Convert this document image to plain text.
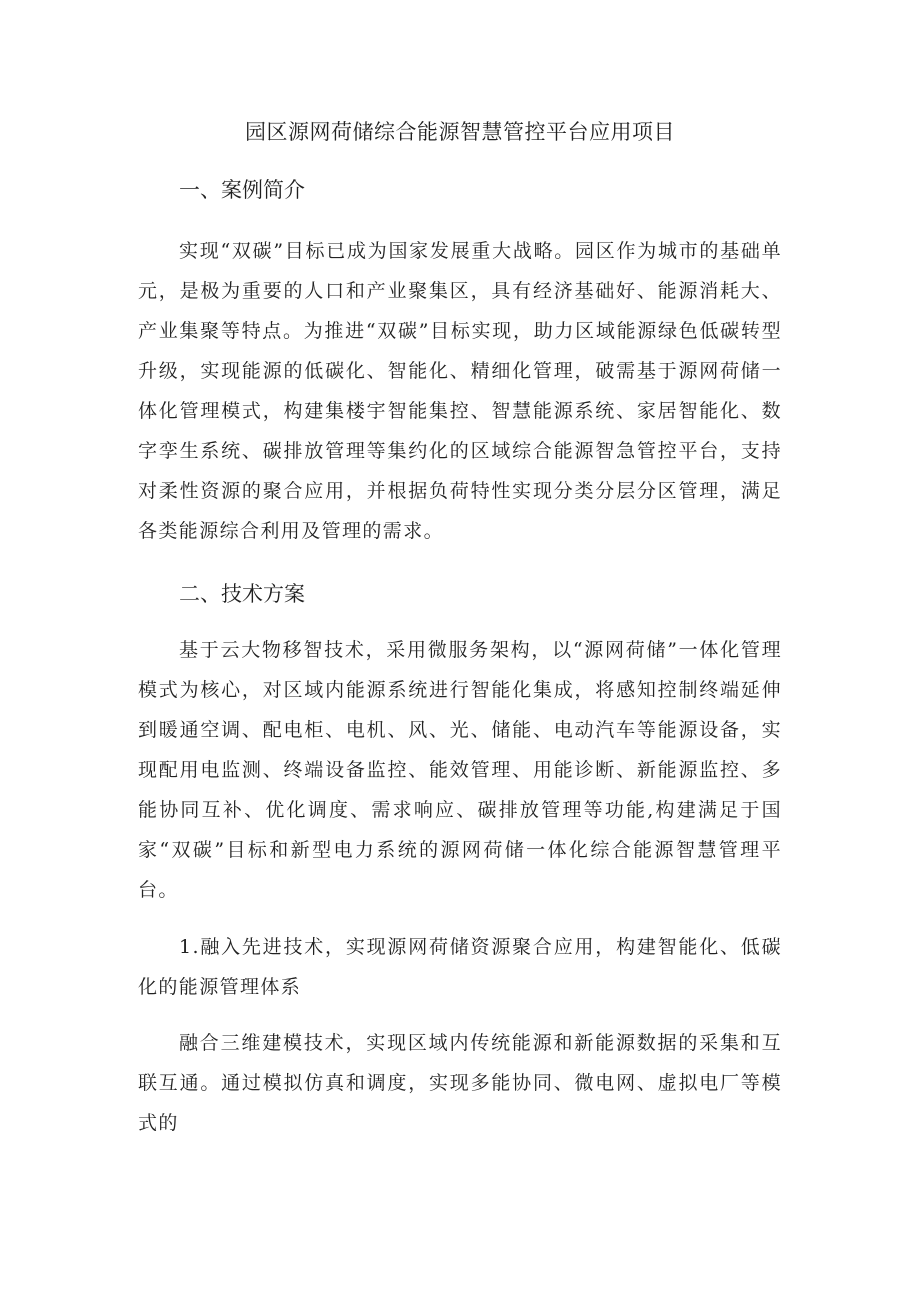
园区源网荷储综合能源智慧管控平台应用项目
一、案例简介

实现“双碳”目标已成为国家发展重大战略。园区作为城市的基础单元，是极为重要的人口和产业聚集区，具有经济基础好、能源消耗大、产业集聚等特点。为推进“双碳”目标实现，助力区域能源绿色低碳转型升级，实现能源的低碳化、智能化、精细化管理，破需基于源网荷储一体化管理模式，构建集楼宇智能集控、智慧能源系统、家居智能化、数字孪生系统、碳排放管理等集约化的区域综合能源智急管控平台，支持对柔性资源的聚合应用，并根据负荷特性实现分类分层分区管理，满足各类能源综合利用及管理的需求。

二、技术方案

基于云大物移智技术，采用微服务架构，以“源网荷储”一体化管理模式为核心，对区域内能源系统进行智能化集成，将感知控制终端延伸到暖通空调、配电柜、电机、风、光、储能、电动汽车等能源设备，实现配用电监测、终端设备监控、能效管理、用能诊断、新能源监控、多能协同互补、优化调度、需求响应、碳排放管理等功能,构建满足于国家“双碳”目标和新型电力系统的源网荷储一体化综合能源智慧管理平台。

1.融入先进技术，实现源网荷储资源聚合应用，构建智能化、低碳化的能源管理体系

融合三维建模技术，实现区域内传统能源和新能源数据的采集和互联互通。通过模拟仿真和调度，实现多能协同、微电网、虚拟电厂等模式的
